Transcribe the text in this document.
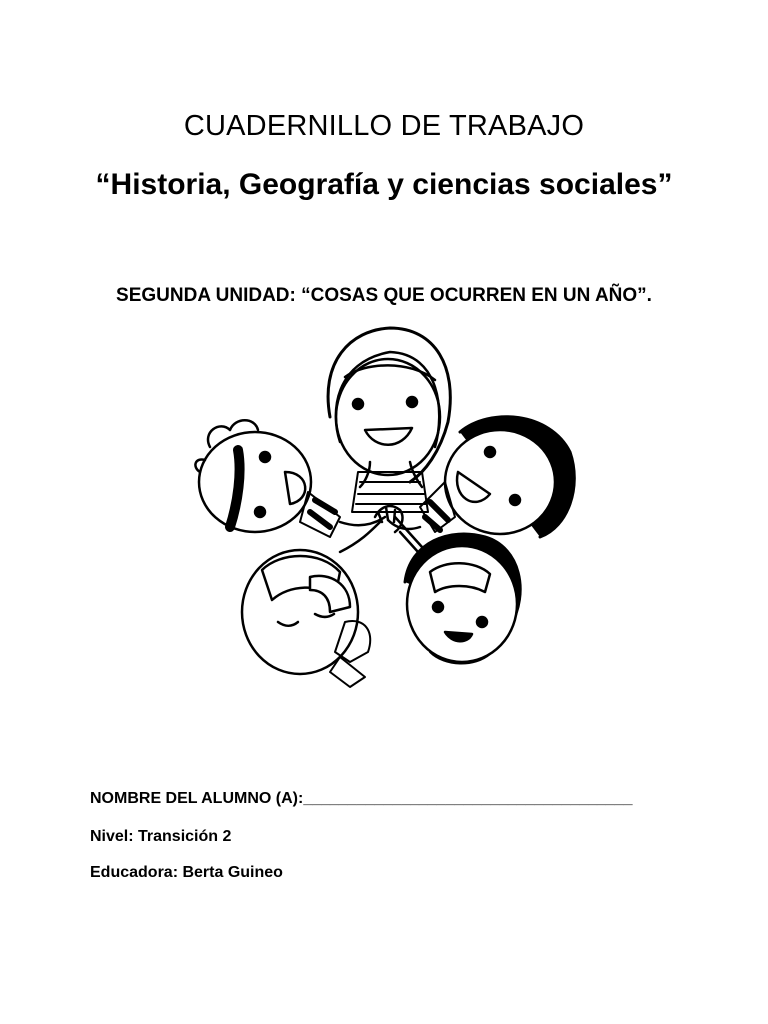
CUADERNILLO DE TRABAJO
“Historia, Geografía y ciencias sociales”
SEGUNDA UNIDAD: “COSAS QUE OCURREN EN UN AÑO”.
NOMBRE DEL ALUMNO (A):_____________________________________
Nivel: Transición 2
Educadora: Berta Guineo
